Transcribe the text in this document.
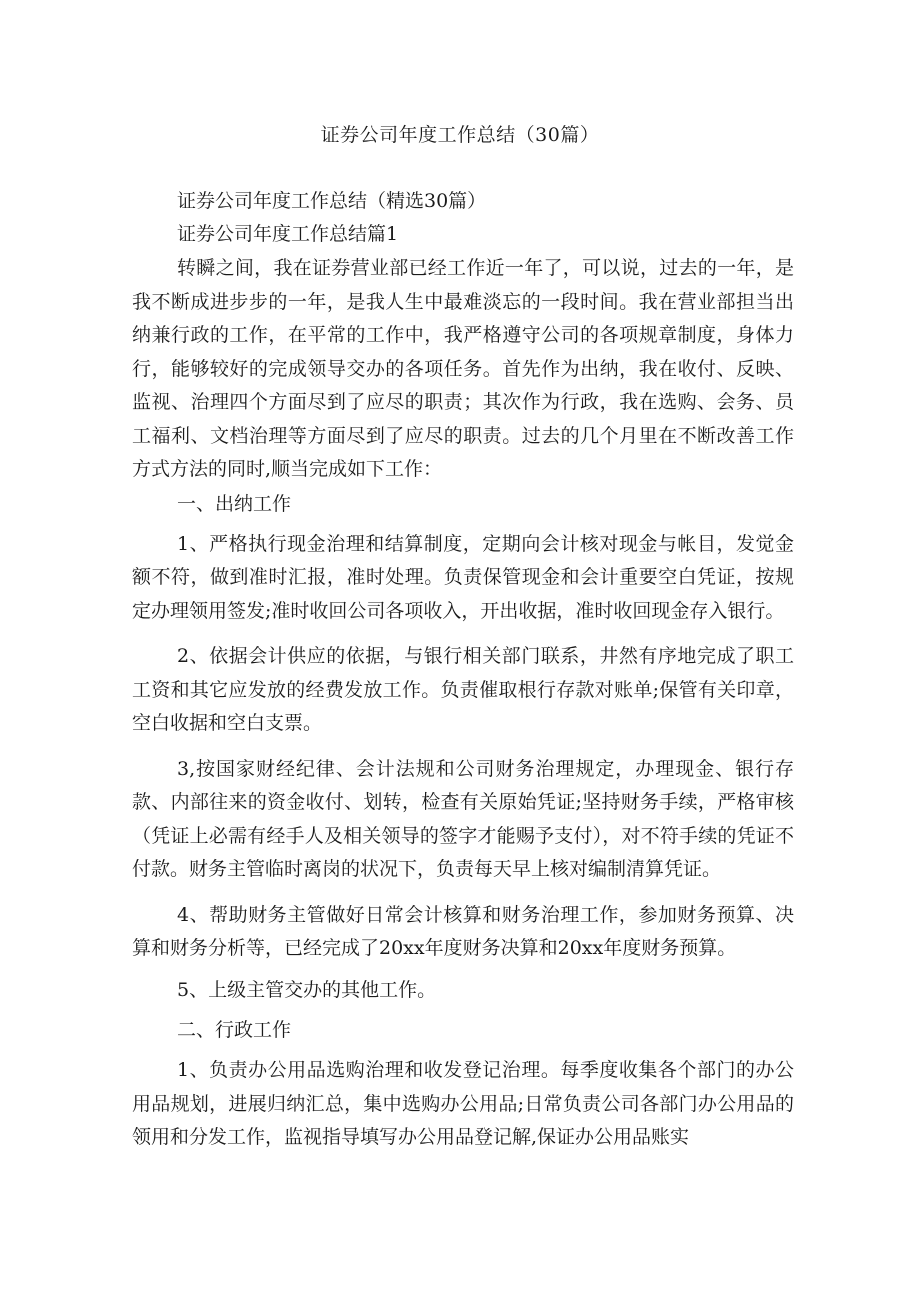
证券公司年度工作总结（30篇）

证券公司年度工作总结（精选30篇）

证券公司年度工作总结篇1

转瞬之间，我在证券营业部已经工作近一年了，可以说，过去的一年，是我不断成进步步的一年，是我人生中最难淡忘的一段时间。我在营业部担当出纳兼行政的工作，在平常的工作中，我严格遵守公司的各项规章制度，身体力行，能够较好的完成领导交办的各项任务。首先作为出纳，我在收付、反映、监视、治理四个方面尽到了应尽的职责；其次作为行政，我在选购、会务、员工福利、文档治理等方面尽到了应尽的职责。过去的几个月里在不断改善工作方式方法的同时,顺当完成如下工作：

一、出纳工作

1、严格执行现金治理和结算制度，定期向会计核对现金与帐目，发觉金额不符，做到准时汇报，准时处理。负责保管现金和会计重要空白凭证，按规定办理领用签发;准时收回公司各项收入，开出收据，准时收回现金存入银行。

2、依据会计供应的依据，与银行相关部门联系，井然有序地完成了职工工资和其它应发放的经费发放工作。负责催取根行存款对账单;保管有关印章，空白收据和空白支票。

3,按国家财经纪律、会计法规和公司财务治理规定，办理现金、银行存款、内部往来的资金收付、划转，检查有关原始凭证;坚持财务手续，严格审核（凭证上必需有经手人及相关领导的签字才能赐予支付），对不符手续的凭证不付款。财务主管临时离岗的状况下，负责每天早上核对编制清算凭证。

4、帮助财务主管做好日常会计核算和财务治理工作，参加财务预算、决算和财务分析等，已经完成了20xx年度财务决算和20xx年度财务预算。

5、上级主管交办的其他工作。

二、行政工作

1、负责办公用品选购治理和收发登记治理。每季度收集各个部门的办公用品规划，进展归纳汇总，集中选购办公用品;日常负责公司各部门办公用品的领用和分发工作，监视指导填写办公用品登记解,保证办公用品账实
